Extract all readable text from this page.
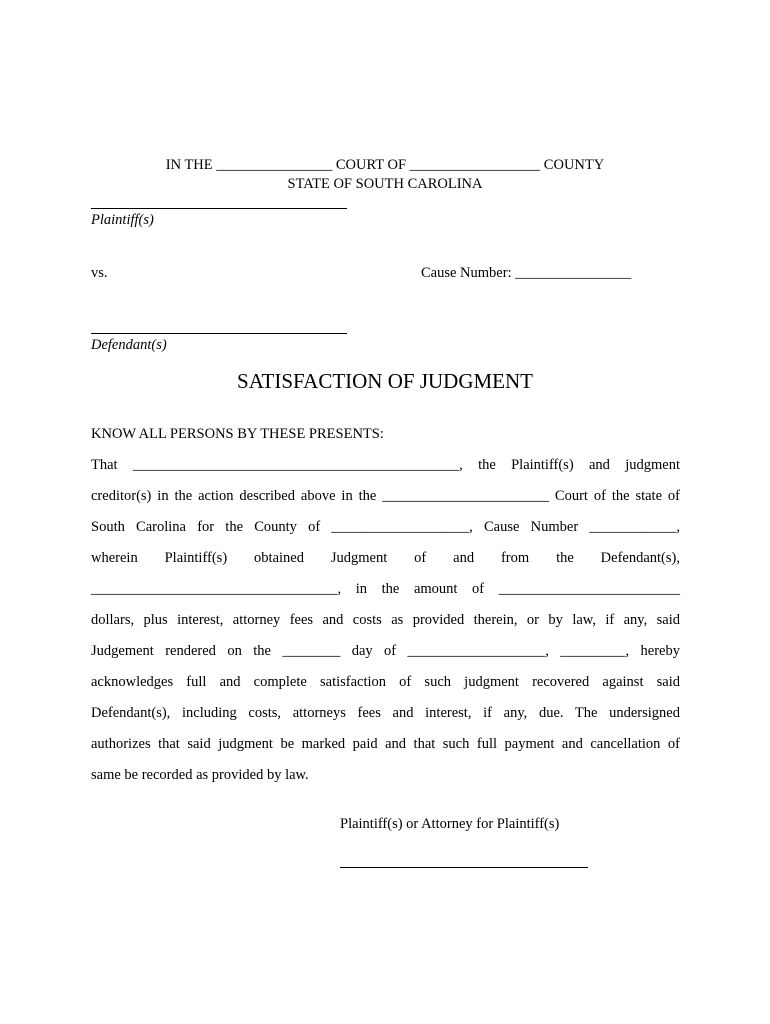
IN THE ________________ COURT OF __________________ COUNTY
STATE OF SOUTH CAROLINA
Plaintiff(s)
vs.	Cause Number: ________________
Defendant(s)
SATISFACTION OF JUDGMENT
KNOW ALL PERSONS BY THESE PRESENTS:
That _____________________________________________, the Plaintiff(s) and judgment
creditor(s) in the action described above in the _______________________ Court of the state of
South Carolina for the County of ___________________, Cause Number ____________,
wherein Plaintiff(s) obtained Judgment of and from the Defendant(s),
__________________________________, in the amount of _________________________
dollars, plus interest, attorney fees and costs as provided therein, or by law, if any, said
Judgement rendered on the ________ day of ___________________, _________, hereby
acknowledges full and complete satisfaction of such judgment recovered against said
Defendant(s), including costs, attorneys fees and interest, if any, due. The undersigned
authorizes that said judgment be marked paid and that such full payment and cancellation of
same be recorded as provided by law.
Plaintiff(s) or Attorney for Plaintiff(s)
